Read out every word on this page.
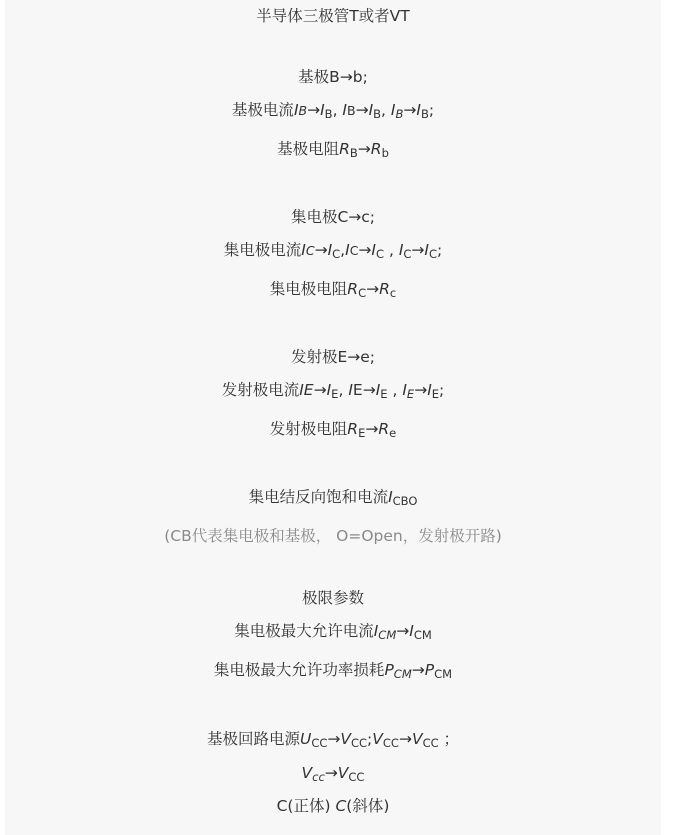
半导体三极管T或者VT
基极B→b;
基极电流$IB\to I_B$, $IB\to I_B$, $I_B\to I_B$;
基极电阻$R_B\to R_b$
集电极C→c;
集电极电流$IC\to I_C,IC\to I_C$ , $I_C\to I_C$;
集电极电阻$R_C\to R_c$
发射极E→e;
发射极电流$IE\to I_E$, $IE\to I_E$ , $I_E\to I_E$;
发射极电阻$R_E\to R_e$
集电结反向饱和电流$I_{CBO}$
(CB代表集电极和基极， O=Open，发射极开路)
极限参数
集电极最大允许电流$I_{CM}\to I_{CM}$
集电极最大允许功率损耗$P_{CM}\to P_{CM}$
基极回路电源$U_{CC}\to V_{CC};V_{CC}\to V_{CC}$ ；
$V_{cc}\to V_{CC}$
C(正体) C(斜体)
